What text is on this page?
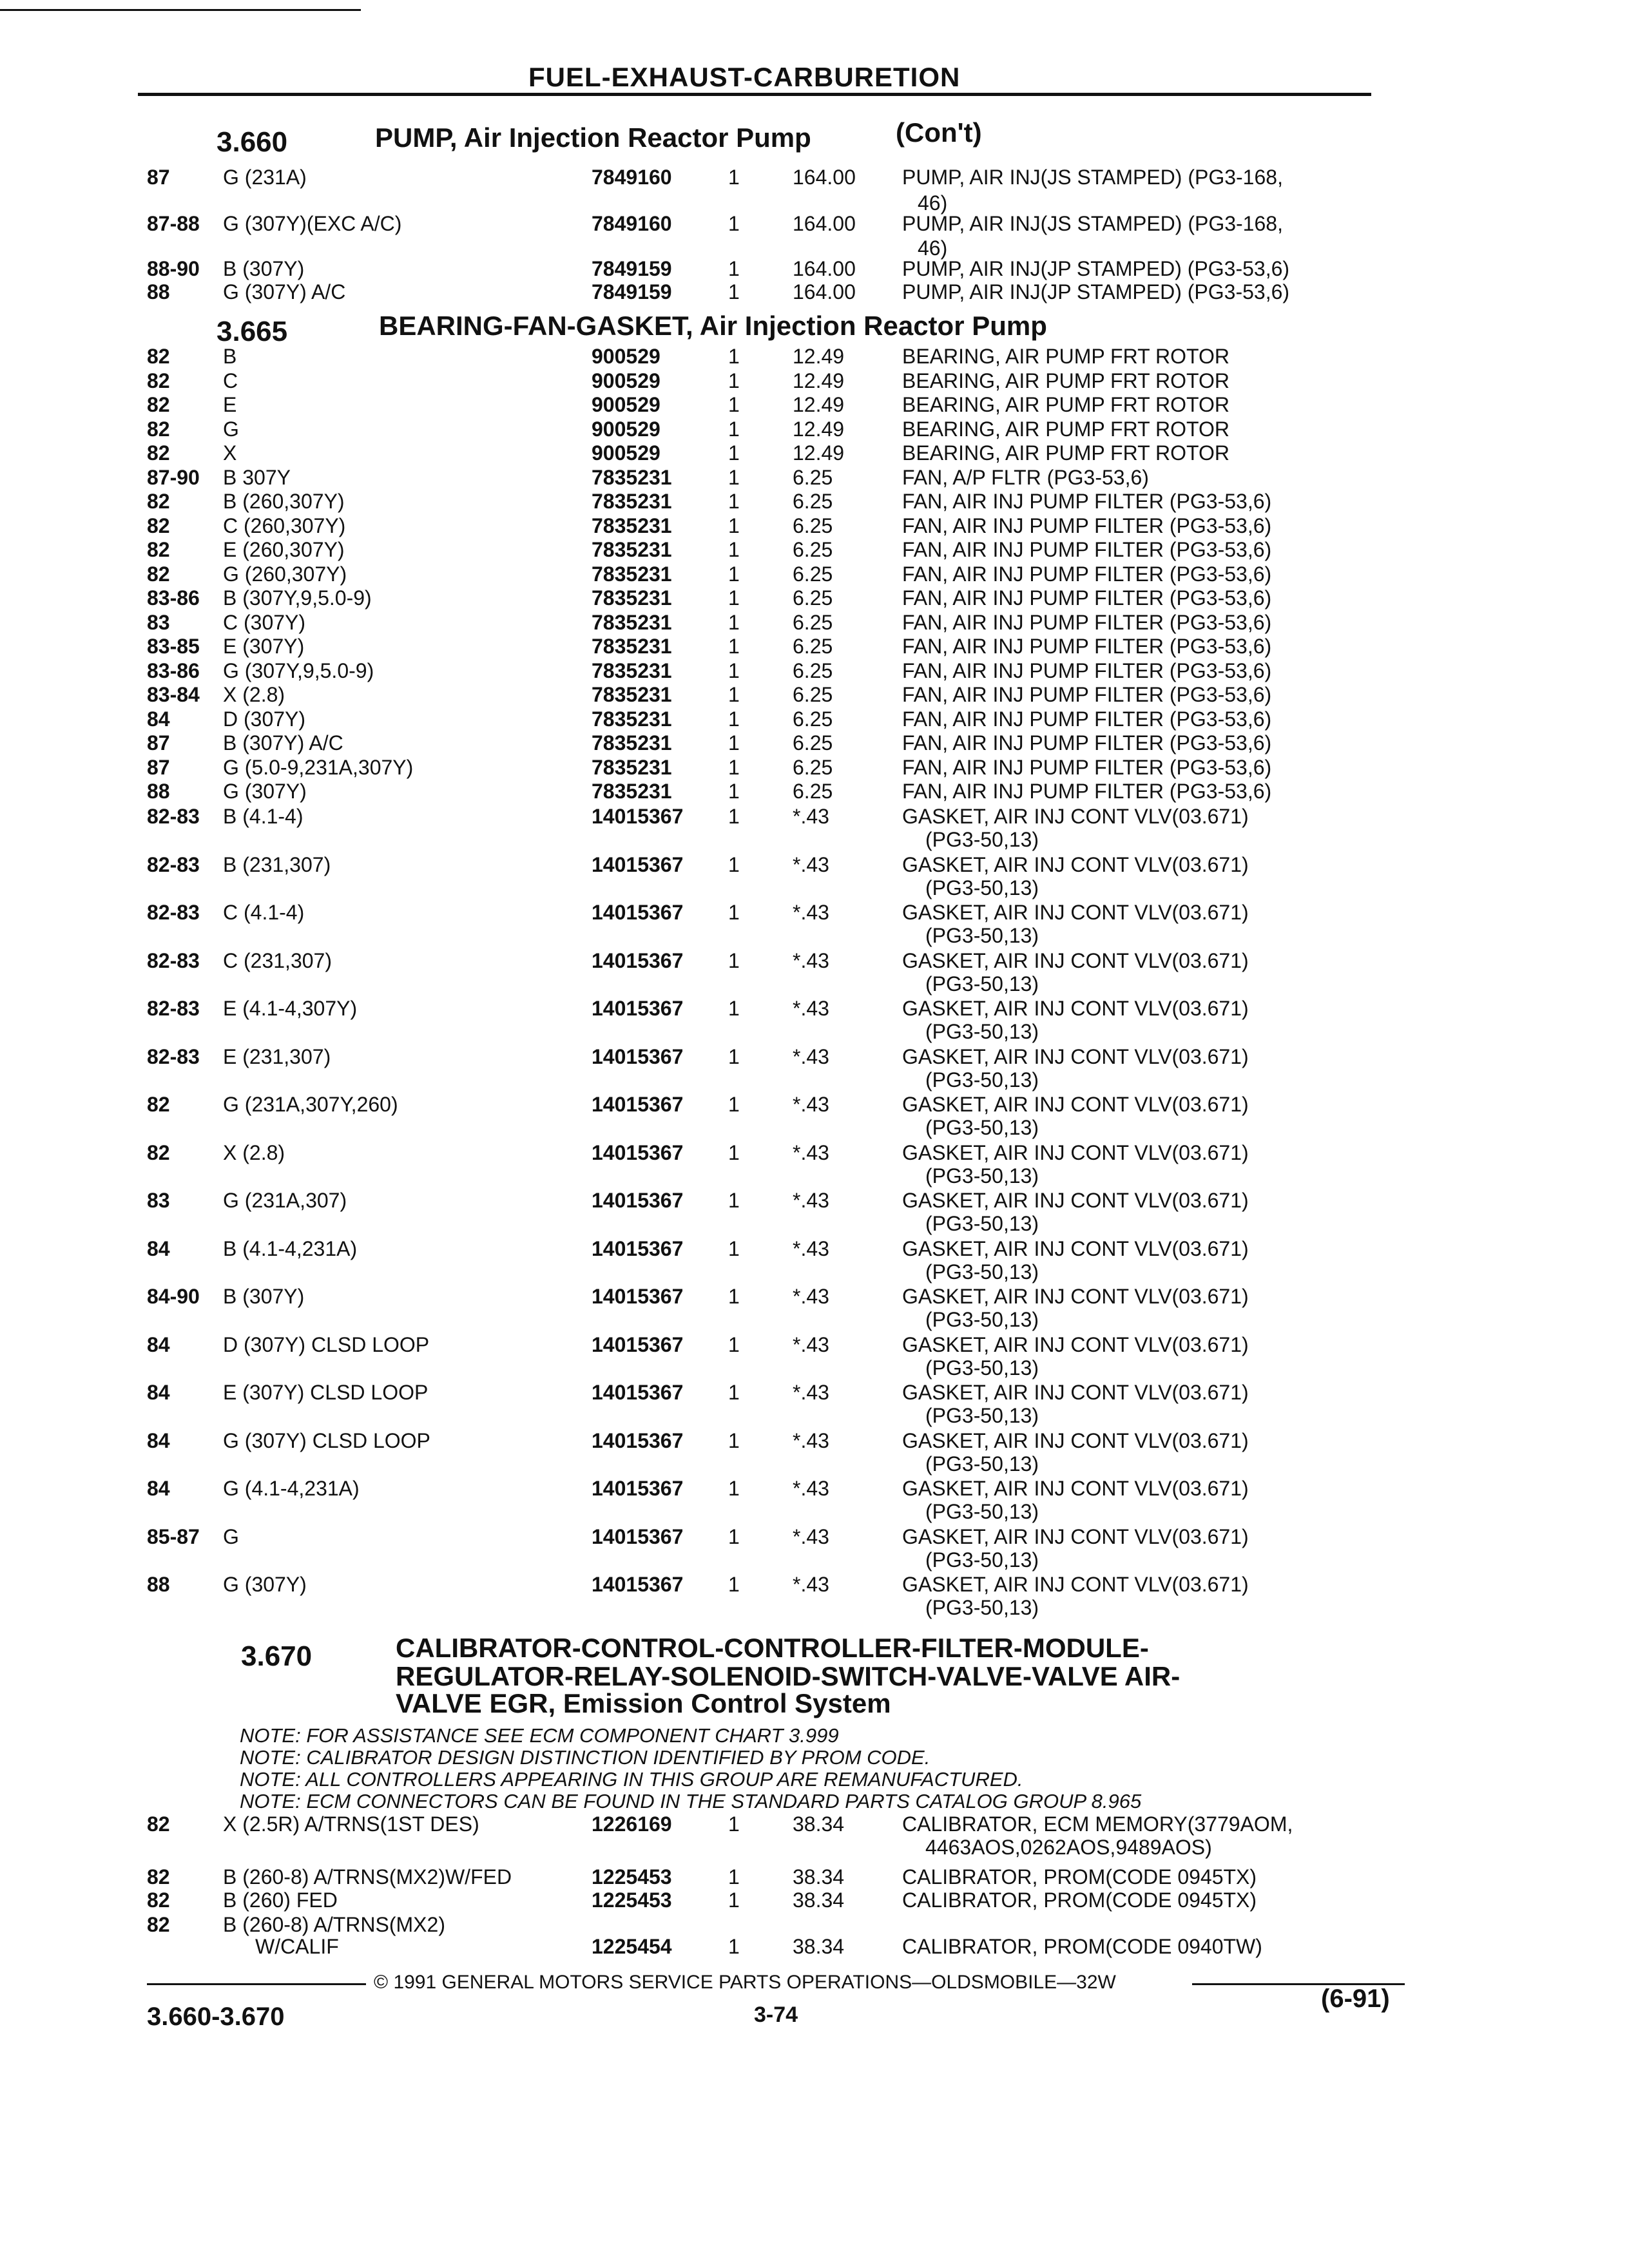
FUEL-EXHAUST-CARBURETION
3.660	PUMP, Air Injection Reactor Pump	(Con't)
87	G (231A)	7849160	1	164.00 PUMP, AIR INJ(JS STAMPED) (PG3-168,
46)
87-88 G (307Y)(EXC A/C)	7849160	1	164.00 PUMP, AIR INJ(JS STAMPED) (PG3-168,
46)
88-90 B (307Y)	7849159	1	164.00 PUMP, AIR INJ(JP STAMPED) (PG3-53,6)
88	G (307Y) A/C	7849159	1	164.00 PUMP, AIR INJ(JP STAMPED) (PG3-53,6)
3.665	BEARING-FAN-GASKET, Air Injection Reactor Pump
82	B	900529	1	12.49	BEARING, AIR PUMP FRT ROTOR
82	C	900529	1	12.49	BEARING, AIR PUMP FRT ROTOR
82	E	900529	1	12.49	BEARING, AIR PUMP FRT ROTOR
82	G	900529	1	12.49	BEARING, AIR PUMP FRT ROTOR
82	X	900529	1	12.49	BEARING, AIR PUMP FRT ROTOR
87-90 B 307Y	7835231	1	6.25	FAN, A/P FLTR (PG3-53,6)
82	B (260,307Y)	7835231	1	6.25	FAN, AIR INJ PUMP FILTER (PG3-53,6)
82	C (260,307Y)	7835231	1	6.25	FAN, AIR INJ PUMP FILTER (PG3-53,6)
82	E (260,307Y)	7835231	1	6.25	FAN, AIR INJ PUMP FILTER (PG3-53,6)
82	G (260,307Y)	7835231	1	6.25	FAN, AIR INJ PUMP FILTER (PG3-53,6)
83-86 B (307Y,9,5.0-9)	7835231	1	6.25	FAN, AIR INJ PUMP FILTER (PG3-53,6)
83	C (307Y)	7835231	1	6.25	FAN, AIR INJ PUMP FILTER (PG3-53,6)
83-85 E (307Y)	7835231	1	6.25	FAN, AIR INJ PUMP FILTER (PG3-53,6)
83-86 G (307Y,9,5.0-9)	7835231	1	6.25	FAN, AIR INJ PUMP FILTER (PG3-53,6)
83-84 X (2.8)	7835231	1	6.25	FAN, AIR INJ PUMP FILTER (PG3-53,6)
84	D (307Y)	7835231	1	6.25	FAN, AIR INJ PUMP FILTER (PG3-53,6)
87	B (307Y) A/C	7835231	1	6.25	FAN, AIR INJ PUMP FILTER (PG3-53,6)
87	G (5.0-9,231A,307Y)	7835231	1	6.25	FAN, AIR INJ PUMP FILTER (PG3-53,6)
88	G (307Y)	7835231	1	6.25	FAN, AIR INJ PUMP FILTER (PG3-53,6)
82-83 B (4.1-4)	14015367 1	*.43	GASKET, AIR INJ CONT VLV(03.671)
(PG3-50,13)
82-83 B (231,307)	14015367 1	*.43	GASKET, AIR INJ CONT VLV(03.671)
(PG3-50,13)
82-83 C (4.1-4)	14015367 1	*.43	GASKET, AIR INJ CONT VLV(03.671)
(PG3-50,13)
82-83 C (231,307)	14015367 1	*.43	GASKET, AIR INJ CONT VLV(03.671)
(PG3-50,13)
82-83 E (4.1-4,307Y)	14015367 1	*.43	GASKET, AIR INJ CONT VLV(03.671)
(PG3-50,13)
82-83 E (231,307)	14015367 1	*.43	GASKET, AIR INJ CONT VLV(03.671)
(PG3-50,13)
82	G (231A,307Y,260)	14015367 1	*.43	GASKET, AIR INJ CONT VLV(03.671)
(PG3-50,13)
82	X (2.8)	14015367 1	*.43	GASKET, AIR INJ CONT VLV(03.671)
(PG3-50,13)
83	G (231A,307)	14015367 1	*.43	GASKET, AIR INJ CONT VLV(03.671)
(PG3-50,13)
84	B (4.1-4,231A)	14015367 1	*.43	GASKET, AIR INJ CONT VLV(03.671)
(PG3-50,13)
84-90 B (307Y)	14015367 1	*.43	GASKET, AIR INJ CONT VLV(03.671)
(PG3-50,13)
84	D (307Y) CLSD LOOP	14015367 1	*.43	GASKET, AIR INJ CONT VLV(03.671)
(PG3-50,13)
84	E (307Y) CLSD LOOP	14015367 1	*.43	GASKET, AIR INJ CONT VLV(03.671)
(PG3-50,13)
84	G (307Y) CLSD LOOP	14015367 1	*.43	GASKET, AIR INJ CONT VLV(03.671)
(PG3-50,13)
84	G (4.1-4,231A)	14015367 1	*.43	GASKET, AIR INJ CONT VLV(03.671)
(PG3-50,13)
85-87 G	14015367 1	*.43	GASKET, AIR INJ CONT VLV(03.671)
(PG3-50,13)
88	G (307Y)	14015367 1	*.43	GASKET, AIR INJ CONT VLV(03.671)
(PG3-50,13)
3.670	CALIBRATOR-CONTROL-CONTROLLER-FILTER-MODULE-
REGULATOR-RELAY-SOLENOID-SWITCH-VALVE-VALVE AIR-
VALVE EGR, Emission Control System
NOTE: FOR ASSISTANCE SEE ECM COMPONENT CHART 3.999
NOTE: CALIBRATOR DESIGN DISTINCTION IDENTIFIED BY PROM CODE.
NOTE: ALL CONTROLLERS APPEARING IN THIS GROUP ARE REMANUFACTURED.
NOTE: ECM CONNECTORS CAN BE FOUND IN THE STANDARD PARTS CATALOG GROUP 8.965
82	X (2.5R) A/TRNS(1ST DES)	1226169	1	38.34	CALIBRATOR, ECM MEMORY(3779AOM,
4463AOS,0262AOS,9489AOS)
82	B (260-8) A/TRNS(MX2)W/FED	1225453	1	38.34	CALIBRATOR, PROM(CODE 0945TX)
82	B (260) FED	1225453	1	38.34	CALIBRATOR, PROM(CODE 0945TX)
82	B (260-8) A/TRNS(MX2)
1225454	1	38.34	CALIBRATOR, PROM(CODE 0940TW)
W/CALIF
© 1991 GENERAL MOTORS SERVICE PARTS OPERATIONS—OLDSMOBILE—32W
3.660-3.670	3-74
(6-91)
